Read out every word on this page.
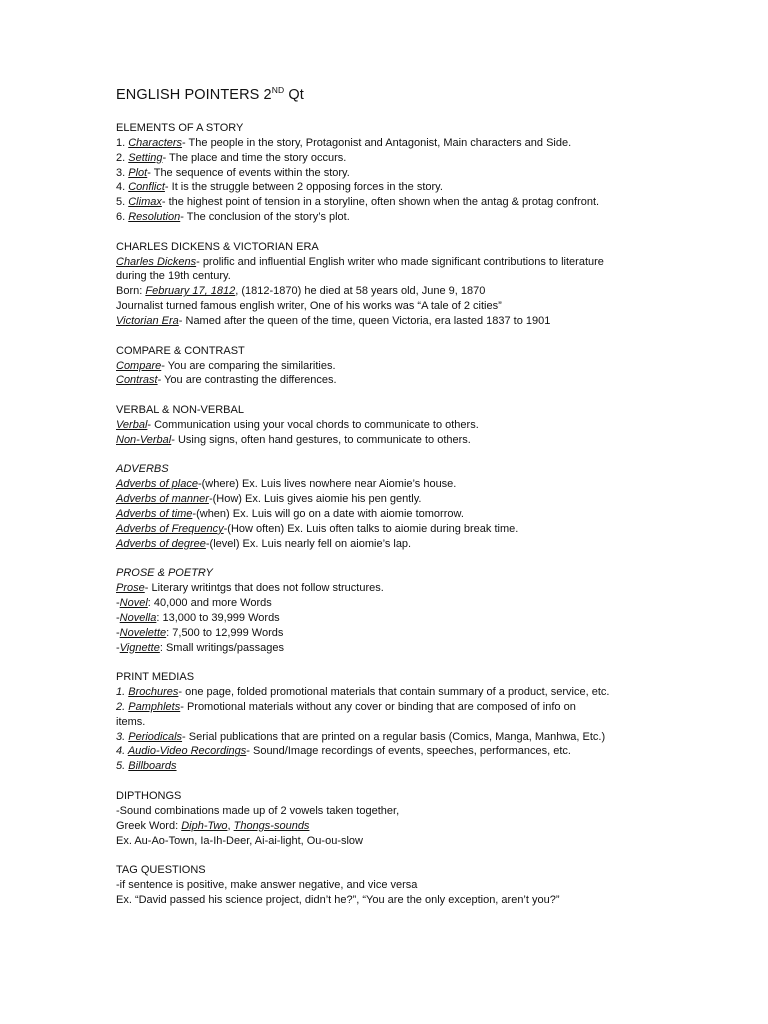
ENGLISH POINTERS 2ND Qt
ELEMENTS OF A STORY
1. Characters- The people in the story, Protagonist and Antagonist, Main characters and Side.
2. Setting- The place and time the story occurs.
3. Plot- The sequence of events within the story.
4. Conflict- It is the struggle between 2 opposing forces in the story.
5. Climax- the highest point of tension in a storyline, often shown when the antag & protag confront.
6. Resolution- The conclusion of the story’s plot.
CHARLES DICKENS & VICTORIAN ERA
Charles Dickens- prolific and influential English writer who made significant contributions to literature
during the 19th century.
Born: February 17, 1812, (1812-1870) he died at 58 years old, June 9, 1870
Journalist turned famous english writer, One of his works was “A tale of 2 cities”
Victorian Era- Named after the queen of the time, queen Victoria, era lasted 1837 to 1901
COMPARE & CONTRAST
Compare- You are comparing the similarities.
Contrast- You are contrasting the differences.
VERBAL & NON-VERBAL
Verbal- Communication using your vocal chords to communicate to others.
Non-Verbal- Using signs, often hand gestures, to communicate to others.
ADVERBS
Adverbs of place-(where) Ex. Luis lives nowhere near Aiomie’s house.
Adverbs of manner-(How) Ex. Luis gives aiomie his pen gently.
Adverbs of time-(when) Ex. Luis will go on a date with aiomie tomorrow.
Adverbs of Frequency-(How often) Ex. Luis often talks to aiomie during break time.
Adverbs of degree-(level) Ex. Luis nearly fell on aiomie’s lap.
PROSE & POETRY
Prose- Literary writintgs that does not follow structures.
-Novel: 40,000 and more Words
-Novella: 13,000 to 39,999 Words
-Novelette: 7,500 to 12,999 Words
-Vignette: Small writings/passages
PRINT MEDIAS
1. Brochures- one page, folded promotional materials that contain summary of a product, service, etc.
2. Pamphlets- Promotional materials without any cover or binding that are composed of info on
items.
3. Periodicals- Serial publications that are printed on a regular basis (Comics, Manga, Manhwa, Etc.)
4. Audio-Video Recordings- Sound/Image recordings of events, speeches, performances, etc.
5. Billboards
DIPTHONGS
-Sound combinations made up of 2 vowels taken together,
Greek Word: Diph-Two, Thongs-sounds
Ex. Au-Ao-Town, Ia-Ih-Deer, Ai-ai-light, Ou-ou-slow
TAG QUESTIONS
-if sentence is positive, make answer negative, and vice versa
Ex. “David passed his science project, didn’t he?”, “You are the only exception, aren’t you?”
